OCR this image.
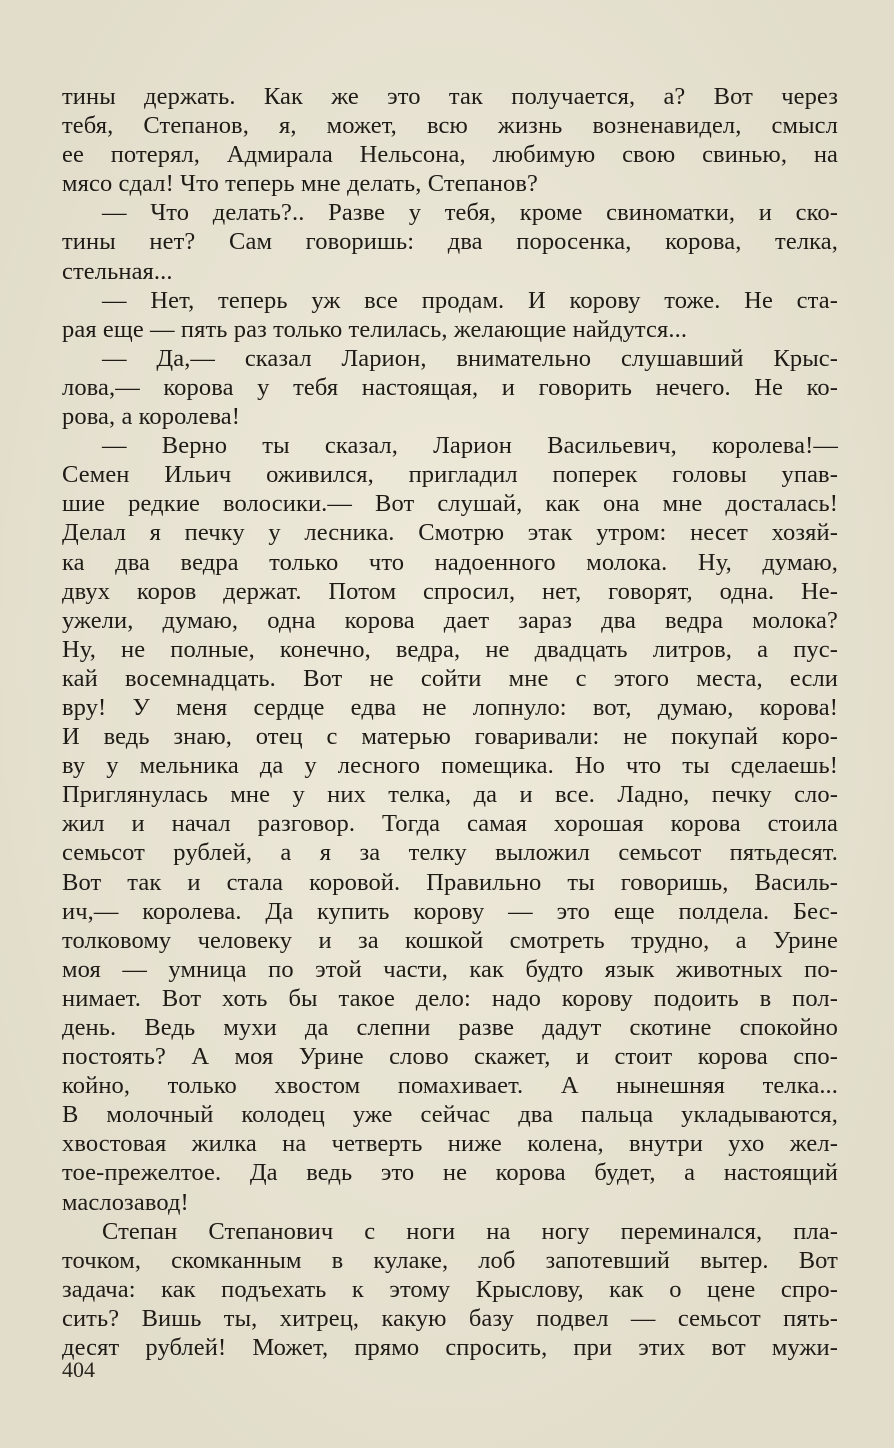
тины держать. Как же это так получается, а? Вот через
тебя, Степанов, я, может, всю жизнь возненавидел, смысл
ее потерял, Адмирала Нельсона, любимую свою свинью, на
мясо сдал! Что теперь мне делать, Степанов?
— Что делать?.. Разве у тебя, кроме свиноматки, и ско-
тины нет? Сам говоришь: два поросенка, корова, телка,
стельная...
— Нет, теперь уж все продам. И корову тоже. Не ста-
рая еще — пять раз только телилась, желающие найдутся...
— Да,— сказал Ларион, внимательно слушавший Крыс-
лова,— корова у тебя настоящая, и говорить нечего. Не ко-
рова, а королева!
— Верно ты сказал, Ларион Васильевич, королева!—
Семен Ильич оживился, пригладил поперек головы упав-
шие редкие волосики.— Вот слушай, как она мне досталась!
Делал я печку у лесника. Смотрю этак утром: несет хозяй-
ка два ведра только что надоенного молока. Ну, думаю,
двух коров держат. Потом спросил, нет, говорят, одна. Не-
ужели, думаю, одна корова дает зараз два ведра молока?
Ну, не полные, конечно, ведра, не двадцать литров, а пус-
кай восемнадцать. Вот не сойти мне с этого места, если
вру! У меня сердце едва не лопнуло: вот, думаю, корова!
И ведь знаю, отец с матерью говаривали: не покупай коро-
ву у мельника да у лесного помещика. Но что ты сделаешь!
Приглянулась мне у них телка, да и все. Ладно, печку сло-
жил и начал разговор. Тогда самая хорошая корова стоила
семьсот рублей, а я за телку выложил семьсот пятьдесят.
Вот так и стала коровой. Правильно ты говоришь, Василь-
ич,— королева. Да купить корову — это еще полдела. Бес-
толковому человеку и за кошкой смотреть трудно, а Урине
моя — умница по этой части, как будто язык животных по-
нимает. Вот хоть бы такое дело: надо корову подоить в пол-
день. Ведь мухи да слепни разве дадут скотине спокойно
постоять? А моя Урине слово скажет, и стоит корова спо-
койно, только хвостом помахивает. А нынешняя телка...
В молочный колодец уже сейчас два пальца укладываются,
хвостовая жилка на четверть ниже колена, внутри ухо жел-
тое-прежелтое. Да ведь это не корова будет, а настоящий
маслозавод!
Степан Степанович с ноги на ногу переминался, пла-
точком, скомканным в кулаке, лоб запотевший вытер. Вот
задача: как подъехать к этому Крыслову, как о цене спро-
сить? Вишь ты, хитрец, какую базу подвел — семьсот пять-
десят рублей! Может, прямо спросить, при этих вот мужи-
404
